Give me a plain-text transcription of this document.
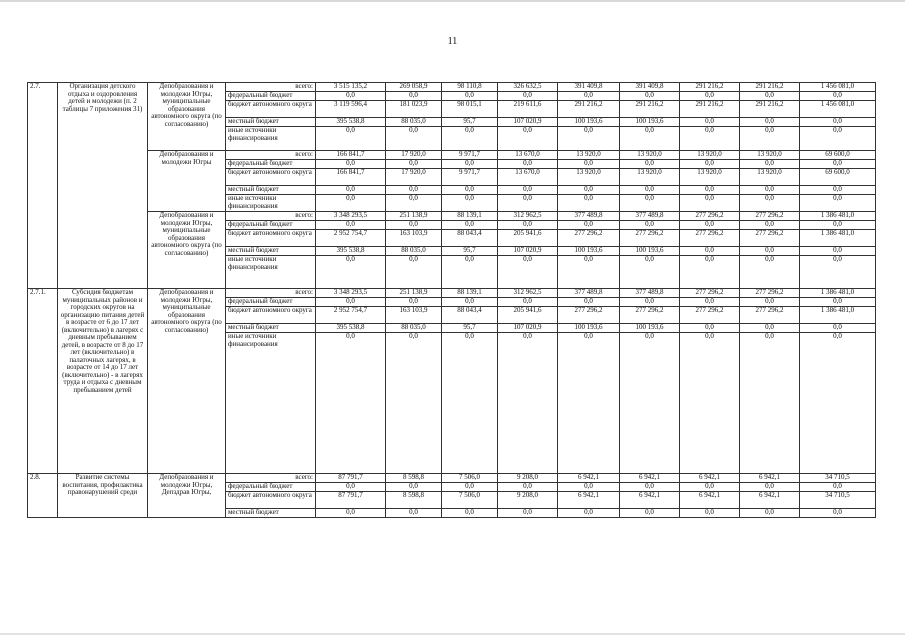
11
2.7.	Организация детского отдыха и оздоровления детей и молодежи (п. 2 таблицы 7 приложения 31)	Депобразования и молодежи Югры, муниципальные образования автономного округа (по согласованию)	всего:	3 515 135,2	269 058,9	98 110,8	326 632,5	391 409,8	391 409,8	291 216,2	291 216,2	1 456 081,0
			федеральный бюджет	0,0	0,0	0,0	0,0	0,0	0,0	0,0	0,0	0,0
			бюджет автономного округа	3 119 596,4	181 023,9	98 015,1	219 611,6	291 216,2	291 216,2	291 216,2	291 216,2	1 456 081,0
			местный бюджет	395 538,8	88 035,0	95,7	107 020,9	100 193,6	100 193,6	0,0	0,0	0,0
			иные источники финансирования	0,0	0,0	0,0	0,0	0,0	0,0	0,0	0,0	0,0
		Депобразования и молодежи Югры	всего:	166 841,7	17 920,0	9 971,7	13 670,0	13 920,0	13 920,0	13 920,0	13 920,0	69 600,0
			федеральный бюджет	0,0	0,0	0,0	0,0	0,0	0,0	0,0	0,0	0,0
			бюджет автономного округа	166 841,7	17 920,0	9 971,7	13 670,0	13 920,0	13 920,0	13 920,0	13 920,0	69 600,0
			местный бюджет	0,0	0,0	0,0	0,0	0,0	0,0	0,0	0,0	0,0
			иные источники финансирования	0,0	0,0	0,0	0,0	0,0	0,0	0,0	0,0	0,0
		Депобразования и молодежи Югры, муниципальные образования автономного округа (по согласованию)	всего:	3 348 293,5	251 138,9	88 139,1	312 962,5	377 489,8	377 489,8	277 296,2	277 296,2	1 386 481,0
			федеральный бюджет	0,0	0,0	0,0	0,0	0,0	0,0	0,0	0,0	0,0
			бюджет автономного округа	2 952 754,7	163 103,9	88 043,4	205 941,6	277 296,2	277 296,2	277 296,2	277 296,2	1 386 481,0
			местный бюджет	395 538,8	88 035,0	95,7	107 020,9	100 193,6	100 193,6	0,0	0,0	0,0
			иные источники финансирования	0,0	0,0	0,0	0,0	0,0	0,0	0,0	0,0	0,0
2.7.1.	Субсидия бюджетам муниципальных районов и городских округов на организацию питания детей в возрасте от 6 до 17 лет (включительно) в лагерях с дневным пребыванием детей, в возрасте от 8 до 17 лет (включительно) в палаточных лагерях, в возрасте от 14 до 17 лет (включительно) - в лагерях труда и отдыха с дневным пребыванием детей	Депобразования и молодежи Югры, муниципальные образования автономного округа (по согласованию)	всего:	3 348 293,5	251 138,9	88 139,1	312 962,5	377 489,8	377 489,8	277 296,2	277 296,2	1 386 481,0
			федеральный бюджет	0,0	0,0	0,0	0,0	0,0	0,0	0,0	0,0	0,0
			бюджет автономного округа	2 952 754,7	163 103,9	88 043,4	205 941,6	277 296,2	277 296,2	277 296,2	277 296,2	1 386 481,0
			местный бюджет	395 538,8	88 035,0	95,7	107 020,9	100 193,6	100 193,6	0,0	0,0	0,0
			иные источники финансирования	0,0	0,0	0,0	0,0	0,0	0,0	0,0	0,0	0,0
2.8.	Развитие системы воспитания, профилактика правонарушений среди	Депобразования и молодежи Югры, Депздрав Югры,	всего:	87 791,7	8 598,8	7 506,0	9 208,0	6 942,1	6 942,1	6 942,1	6 942,1	34 710,5
			федеральный бюджет	0,0	0,0	0,0	0,0	0,0	0,0	0,0	0,0	0,0
			бюджет автономного округа	87 791,7	8 598,8	7 506,0	9 208,0	6 942,1	6 942,1	6 942,1	6 942,1	34 710,5
			местный бюджет	0,0	0,0	0,0	0,0	0,0	0,0	0,0	0,0	0,0
